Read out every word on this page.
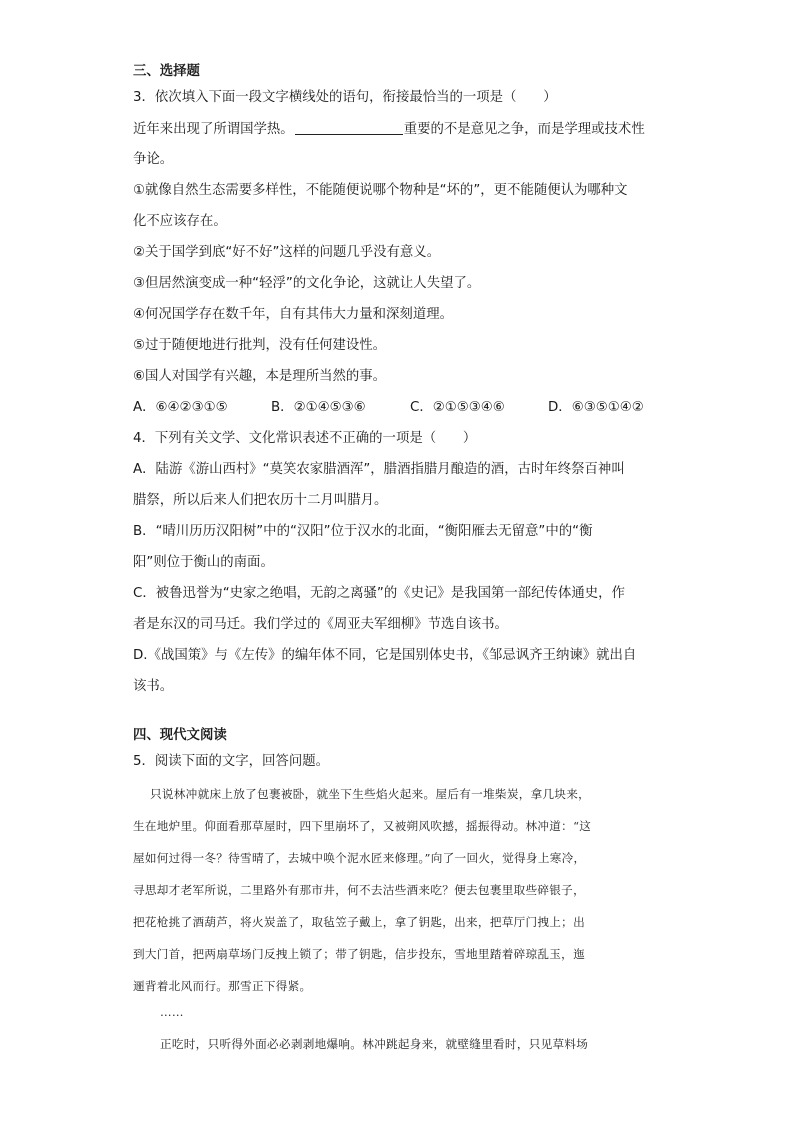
三、选择题
3．依次填入下面一段文字横线处的语句，衔接最恰当的一项是（　　）
近年来出现了所谓国学热。	重要的不是意见之争，而是学理或技术性
争论。
①就像自然生态需要多样性，不能随便说哪个物种是“坏的”，更不能随便认为哪种文
化不应该存在。
②关于国学到底“好不好”这样的问题几乎没有意义。
③但居然演变成一种“轻浮”的文化争论，这就让人失望了。
④何况国学存在数千年，自有其伟大力量和深刻道理。
⑤过于随便地进行批判，没有任何建设性。
⑥国人对国学有兴趣，本是理所当然的事。
A．⑥④②③①⑤	B．②①④⑤③⑥	C．②①⑤③④⑥	D．⑥③⑤①④②
4．下列有关文学、文化常识表述不正确的一项是（　　）
A．陆游《游山西村》“莫笑农家腊酒浑”，腊酒指腊月酿造的酒，古时年终祭百神叫
腊祭，所以后来人们把农历十二月叫腊月。
B．“晴川历历汉阳树”中的“汉阳”位于汉水的北面，“衡阳雁去无留意”中的“衡
阳”则位于衡山的南面。
C．被鲁迅誉为“史家之绝唱，无韵之离骚”的《史记》是我国第一部纪传体通史，作
者是东汉的司马迁。我们学过的《周亚夫军细柳》节选自该书。
D.《战国策》与《左传》的编年体不同，它是国别体史书，《邹忌讽齐王纳谏》就出自
该书。
四、现代文阅读
5．阅读下面的文字，回答问题。
只说林冲就床上放了包裹被卧，就坐下生些焰火起来。屋后有一堆柴炭，拿几块来，
生在地炉里。仰面看那草屋时，四下里崩坏了，又被朔风吹撼，摇振得动。林冲道：“这
屋如何过得一冬？待雪晴了，去城中唤个泥水匠来修理。”向了一回火，觉得身上寒冷，
寻思却才老军所说，二里路外有那市井，何不去沽些酒来吃？便去包裹里取些碎银子，
把花枪挑了酒葫芦，将火炭盖了，取毡笠子戴上，拿了钥匙，出来，把草厅门拽上；出
到大门首，把两扇草场门反拽上锁了；带了钥匙，信步投东，雪地里踏着碎琼乱玉，迤
逦背着北风而行。那雪正下得紧。
……
正吃时，只听得外面必必剥剥地爆响。林冲跳起身来，就壁缝里看时，只见草料场
